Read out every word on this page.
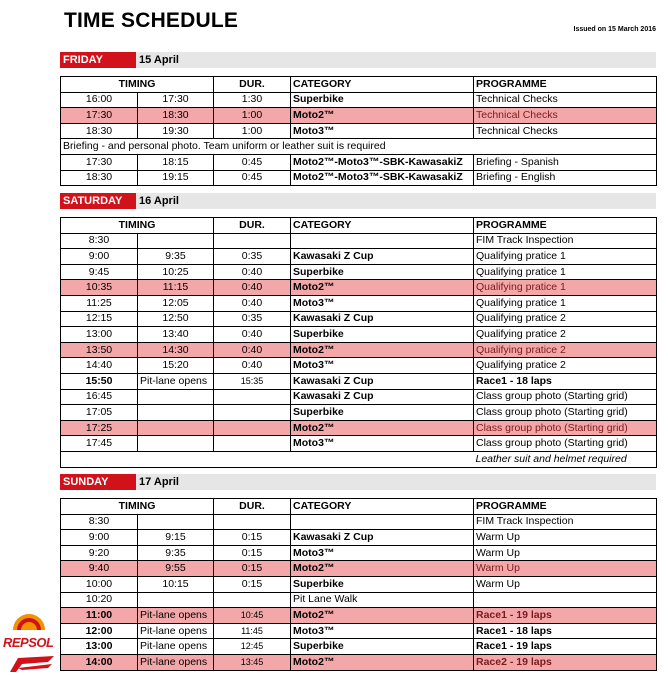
TIME SCHEDULE	Issued on 15 March 2016
FRIDAY	15 April
TIMING		DUR.	CATEGORY	PROGRAMME
16:00	17:30	1:30	Superbike	Technical Checks
17:30	18:30	1:00	Moto2™	Technical Checks
18:30	19:30	1:00	Moto3™	Technical Checks
Briefing - and personal photo. Team uniform or leather suit is required				
17:30	18:15	0:45	Moto2™-Moto3™-SBK-KawasakiZ	Briefing - Spanish
18:30	19:15	0:45	Moto2™-Moto3™-SBK-KawasakiZ	Briefing - English
SATURDAY	16 April
TIMING		DUR.	CATEGORY	PROGRAMME
8:30				FIM Track Inspection
9:00	9:35	0:35	Kawasaki Z Cup	Qualifying pratice 1
9:45	10:25	0:40	Superbike	Qualifying pratice 1
10:35	11:15	0:40	Moto2™	Qualifying pratice 1
11:25	12:05	0:40	Moto3™	Qualifying pratice 1
12:15	12:50	0:35	Kawasaki Z Cup	Qualifying pratice 2
13:00	13:40	0:40	Superbike	Qualifying pratice 2
13:50	14:30	0:40	Moto2™	Qualifying pratice 2
14:40	15:20	0:40	Moto3™	Qualifying pratice 2
15:50	Pit-lane opens	15:35	Kawasaki Z Cup	Race1 - 18 laps
16:45			Kawasaki Z Cup	Class group photo (Starting grid)
17:05			Superbike	Class group photo (Starting grid)
17:25			Moto2™	Class group photo (Starting grid)
17:45			Moto3™	Class group photo (Starting grid)
				Leather suit and helmet required
SUNDAY	17 April
TIMING		DUR.	CATEGORY	PROGRAMME
8:30				FIM Track Inspection
9:00	9:15	0:15	Kawasaki Z Cup	Warm Up
9:20	9:35	0:15	Moto3™	Warm Up
9:40	9:55	0:15	Moto2™	Warm Up
10:00	10:15	0:15	Superbike	Warm Up
10:20			Pit Lane Walk	
11:00	Pit-lane opens	10:45	Moto2™	Race1 - 19 laps
12:00	Pit-lane opens	11:45	Moto3™	Race1 - 18 laps
13:00	Pit-lane opens	12:45	Superbike	Race1 - 19 laps
14:00	Pit-lane opens	13:45	Moto2™	Race2 - 19 laps
REPSOL
